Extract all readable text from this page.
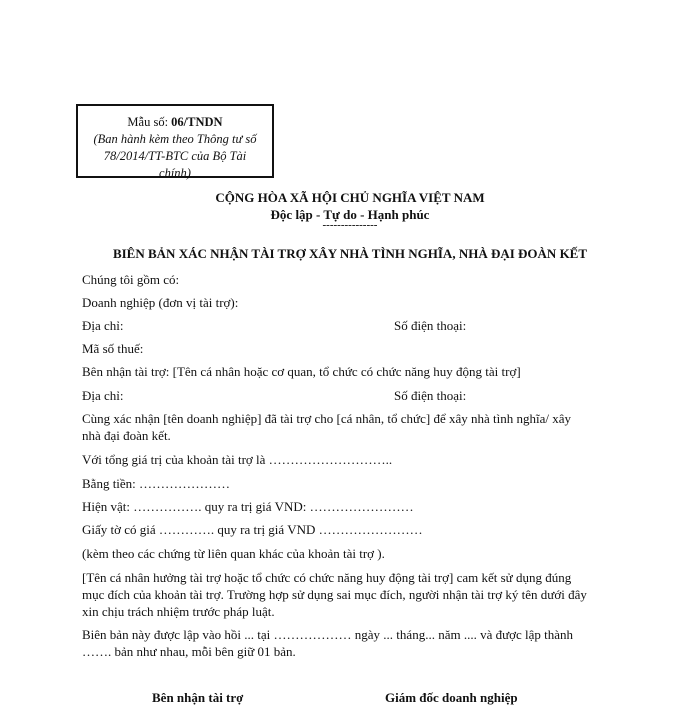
Mẫu số: 06/TNDN
(Ban hành kèm theo Thông tư số
78/2014/TT-BTC của Bộ Tài
chính)
CỘNG HÒA XÃ HỘI CHỦ NGHĨA VIỆT NAM
Độc lập - Tự do - Hạnh phúc
---------------
BIÊN BẢN XÁC NHẬN TÀI TRỢ XÂY NHÀ TÌNH NGHĨA, NHÀ ĐẠI ĐOÀN KẾT
Chúng tôi gồm có:
Doanh nghiệp (đơn vị tài trợ):
Địa chỉ:	Số điện thoại:
Mã số thuế:
Bên nhận tài trợ: [Tên cá nhân hoặc cơ quan, tổ chức có chức năng huy động tài trợ]
Địa chỉ:	Số điện thoại:
Cùng xác nhận [tên doanh nghiệp] đã tài trợ cho [cá nhân, tổ chức] để xây nhà tình nghĩa/ xây
nhà đại đoàn kết.
Với tổng giá trị của khoản tài trợ là ………………………..
Bằng tiền: …………………
Hiện vật: ……………. quy ra trị giá VND: ……………………
Giấy tờ có giá …………. quy ra trị giá VND ……………………
(kèm theo các chứng từ liên quan khác của khoản tài trợ ).
[Tên cá nhân hưởng tài trợ hoặc tổ chức có chức năng huy động tài trợ] cam kết sử dụng đúng
mục đích của khoản tài trợ. Trường hợp sử dụng sai mục đích, người nhận tài trợ ký tên dưới đây
xin chịu trách nhiệm trước pháp luật.
Biên bản này được lập vào hồi ... tại ……………… ngày ... tháng... năm .... và được lập thành
……. bản như nhau, mỗi bên giữ 01 bản.
Bên nhận tài trợ	Giám đốc doanh nghiệp
